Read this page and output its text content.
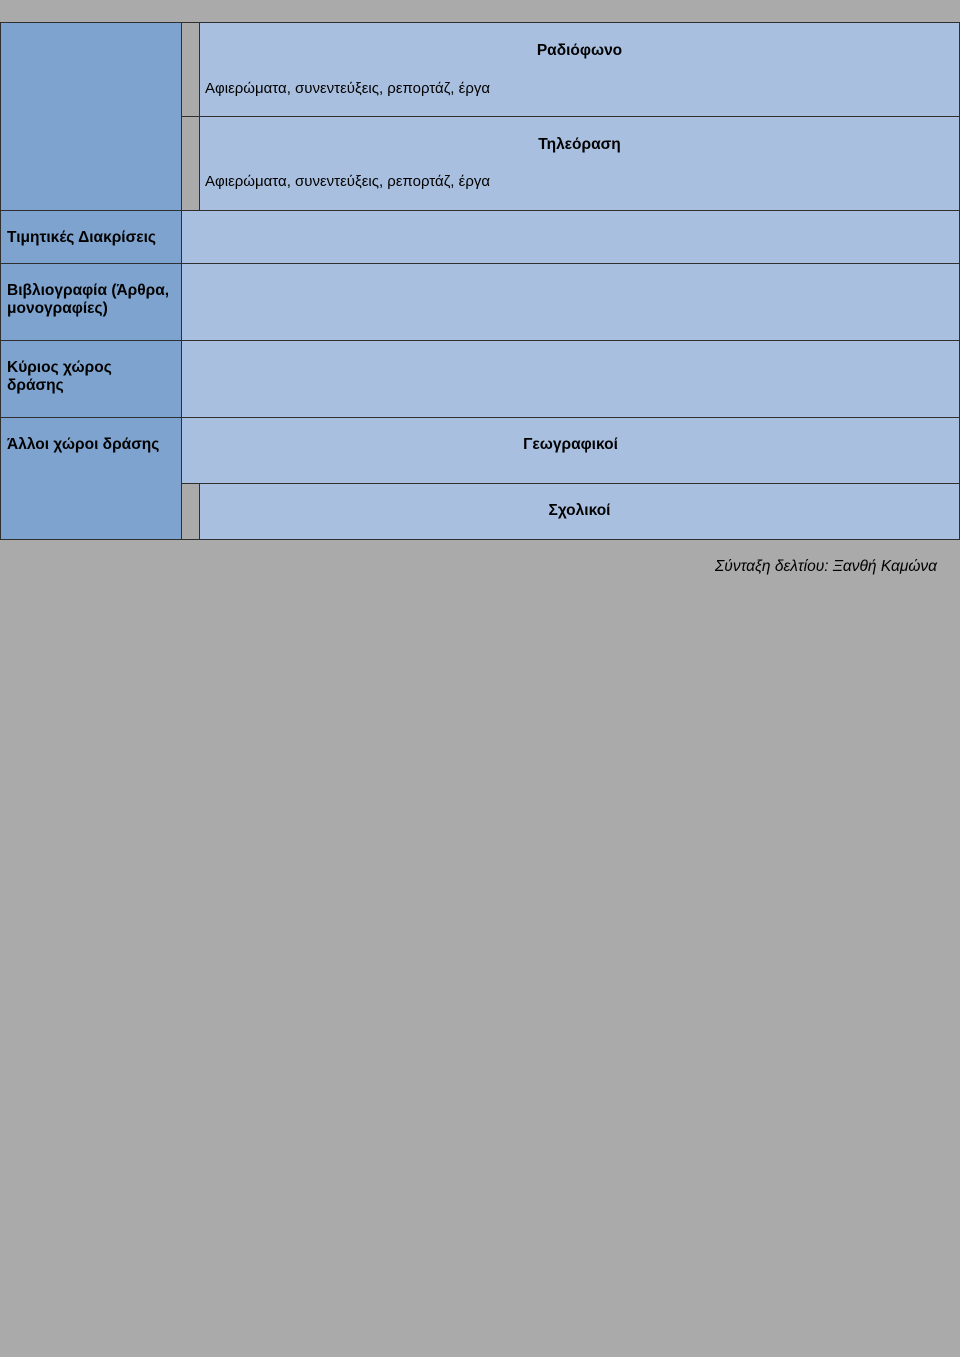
Ραδιόφωνο
Αφιερώματα, συνεντεύξεις, ρεπορτάζ, έργα
Τηλεόραση
Αφιερώματα, συνεντεύξεις, ρεπορτάζ, έργα
Τιμητικές Διακρίσεις
Βιβλιογραφία (Άρθρα,
μονογραφίες)
Κύριος χώρος
δράσης
Άλλοι χώροι δράσης	Γεωγραφικοί
Σχολικοί
Σύνταξη δελτίου: Ξανθή Καμώνα
